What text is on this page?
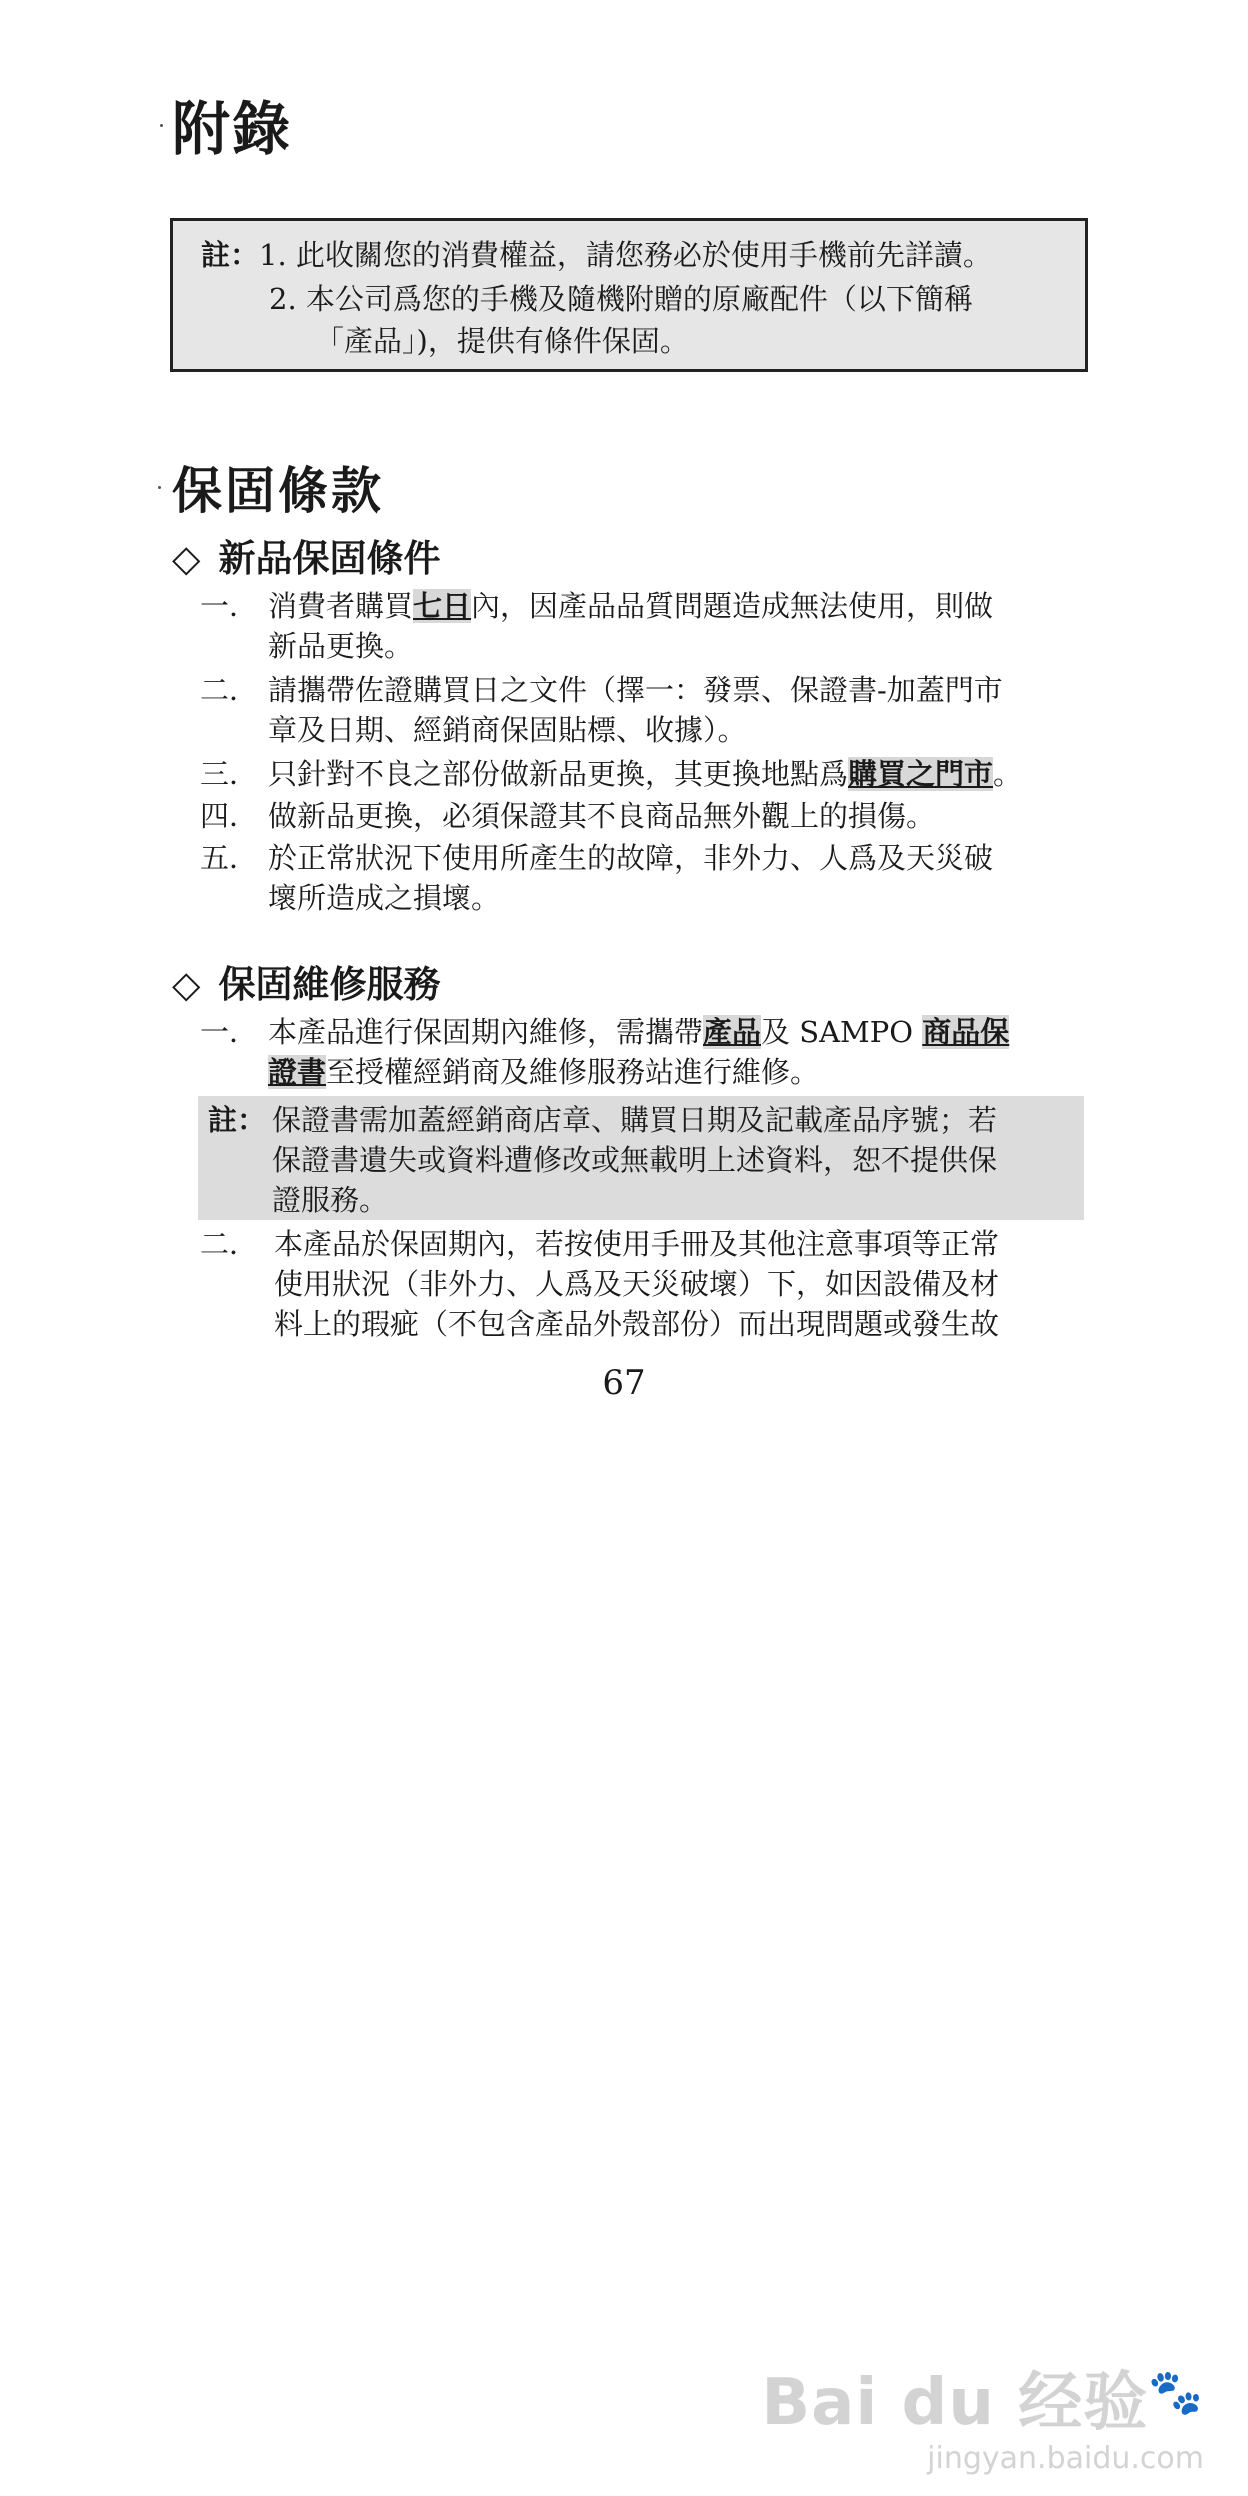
附錄
註：1. 此收關您的消費權益，請您務必於使用手機前先詳讀。
2. 本公司爲您的手機及隨機附贈的原廠配件（以下簡稱
「產品」)，提供有條件保固。
保固條款
◇ 新品保固條件
一． 消費者購買七日內，因產品品質問題造成無法使用，則做
新品更換。
二． 請攜帶佐證購買日之文件（擇一：發票、保證書-加蓋門市
章及日期、經銷商保固貼標、收據）。
三． 只針對不良之部份做新品更換，其更換地點爲購買之門市。
四． 做新品更換，必須保證其不良商品無外觀上的損傷。
五． 於正常狀況下使用所產生的故障，非外力、人爲及天災破
壞所造成之損壞。
◇ 保固維修服務
一． 本產品進行保固期內維修，需攜帶產品及 SAMPO 商品保
證書至授權經銷商及維修服務站進行維修。
註： 保證書需加蓋經銷商店章、購買日期及記載產品序號；若
保證書遺失或資料遭修改或無載明上述資料，恕不提供保
證服務。
二． 本產品於保固期內，若按使用手冊及其他注意事項等正常
使用狀況（非外力、人爲及天災破壞）下，如因設備及材
料上的瑕疵（不包含產品外殼部份）而出現問題或發生故
67
Bai du 经验🐾
jingyan.baidu.com
